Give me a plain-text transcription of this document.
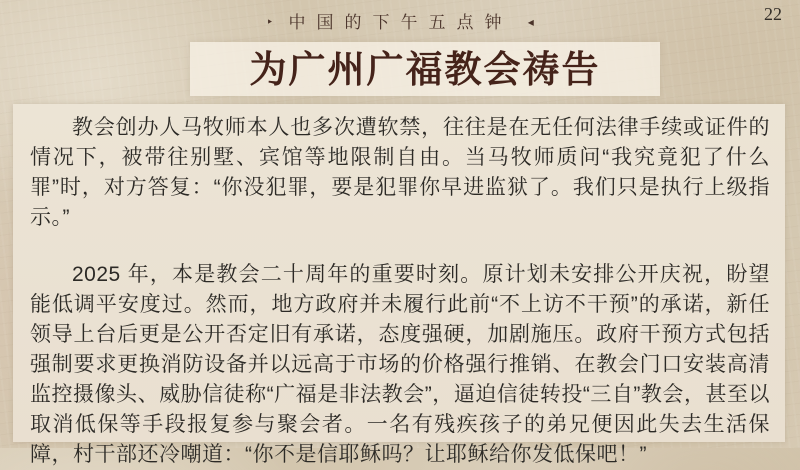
‣ 中国的下午五点钟 ◂	22
为广州广福教会祷告

教会创办人马牧师本人也多次遭软禁，往往是在无任何法律手续或证件的情况下，被带往别墅、宾馆等地限制自由。当马牧师质问“我究竟犯了什么罪”时，对方答复：“你没犯罪，要是犯罪你早进监狱了。我们只是执行上级指示。”

2025 年，本是教会二十周年的重要时刻。原计划未安排公开庆祝，盼望能低调平安度过。然而，地方政府并未履行此前“不上访不干预”的承诺，新任领导上台后更是公开否定旧有承诺，态度强硬，加剧施压。政府干预方式包括强制要求更换消防设备并以远高于市场的价格强行推销、在教会门口安装高清监控摄像头、威胁信徒称“广福是非法教会”，逼迫信徒转投“三自”教会，甚至以取消低保等手段报复参与聚会者。一名有残疾孩子的弟兄便因此失去生活保障，村干部还冷嘲道：“你不是信耶稣吗？让耶稣给你发低保吧！”
